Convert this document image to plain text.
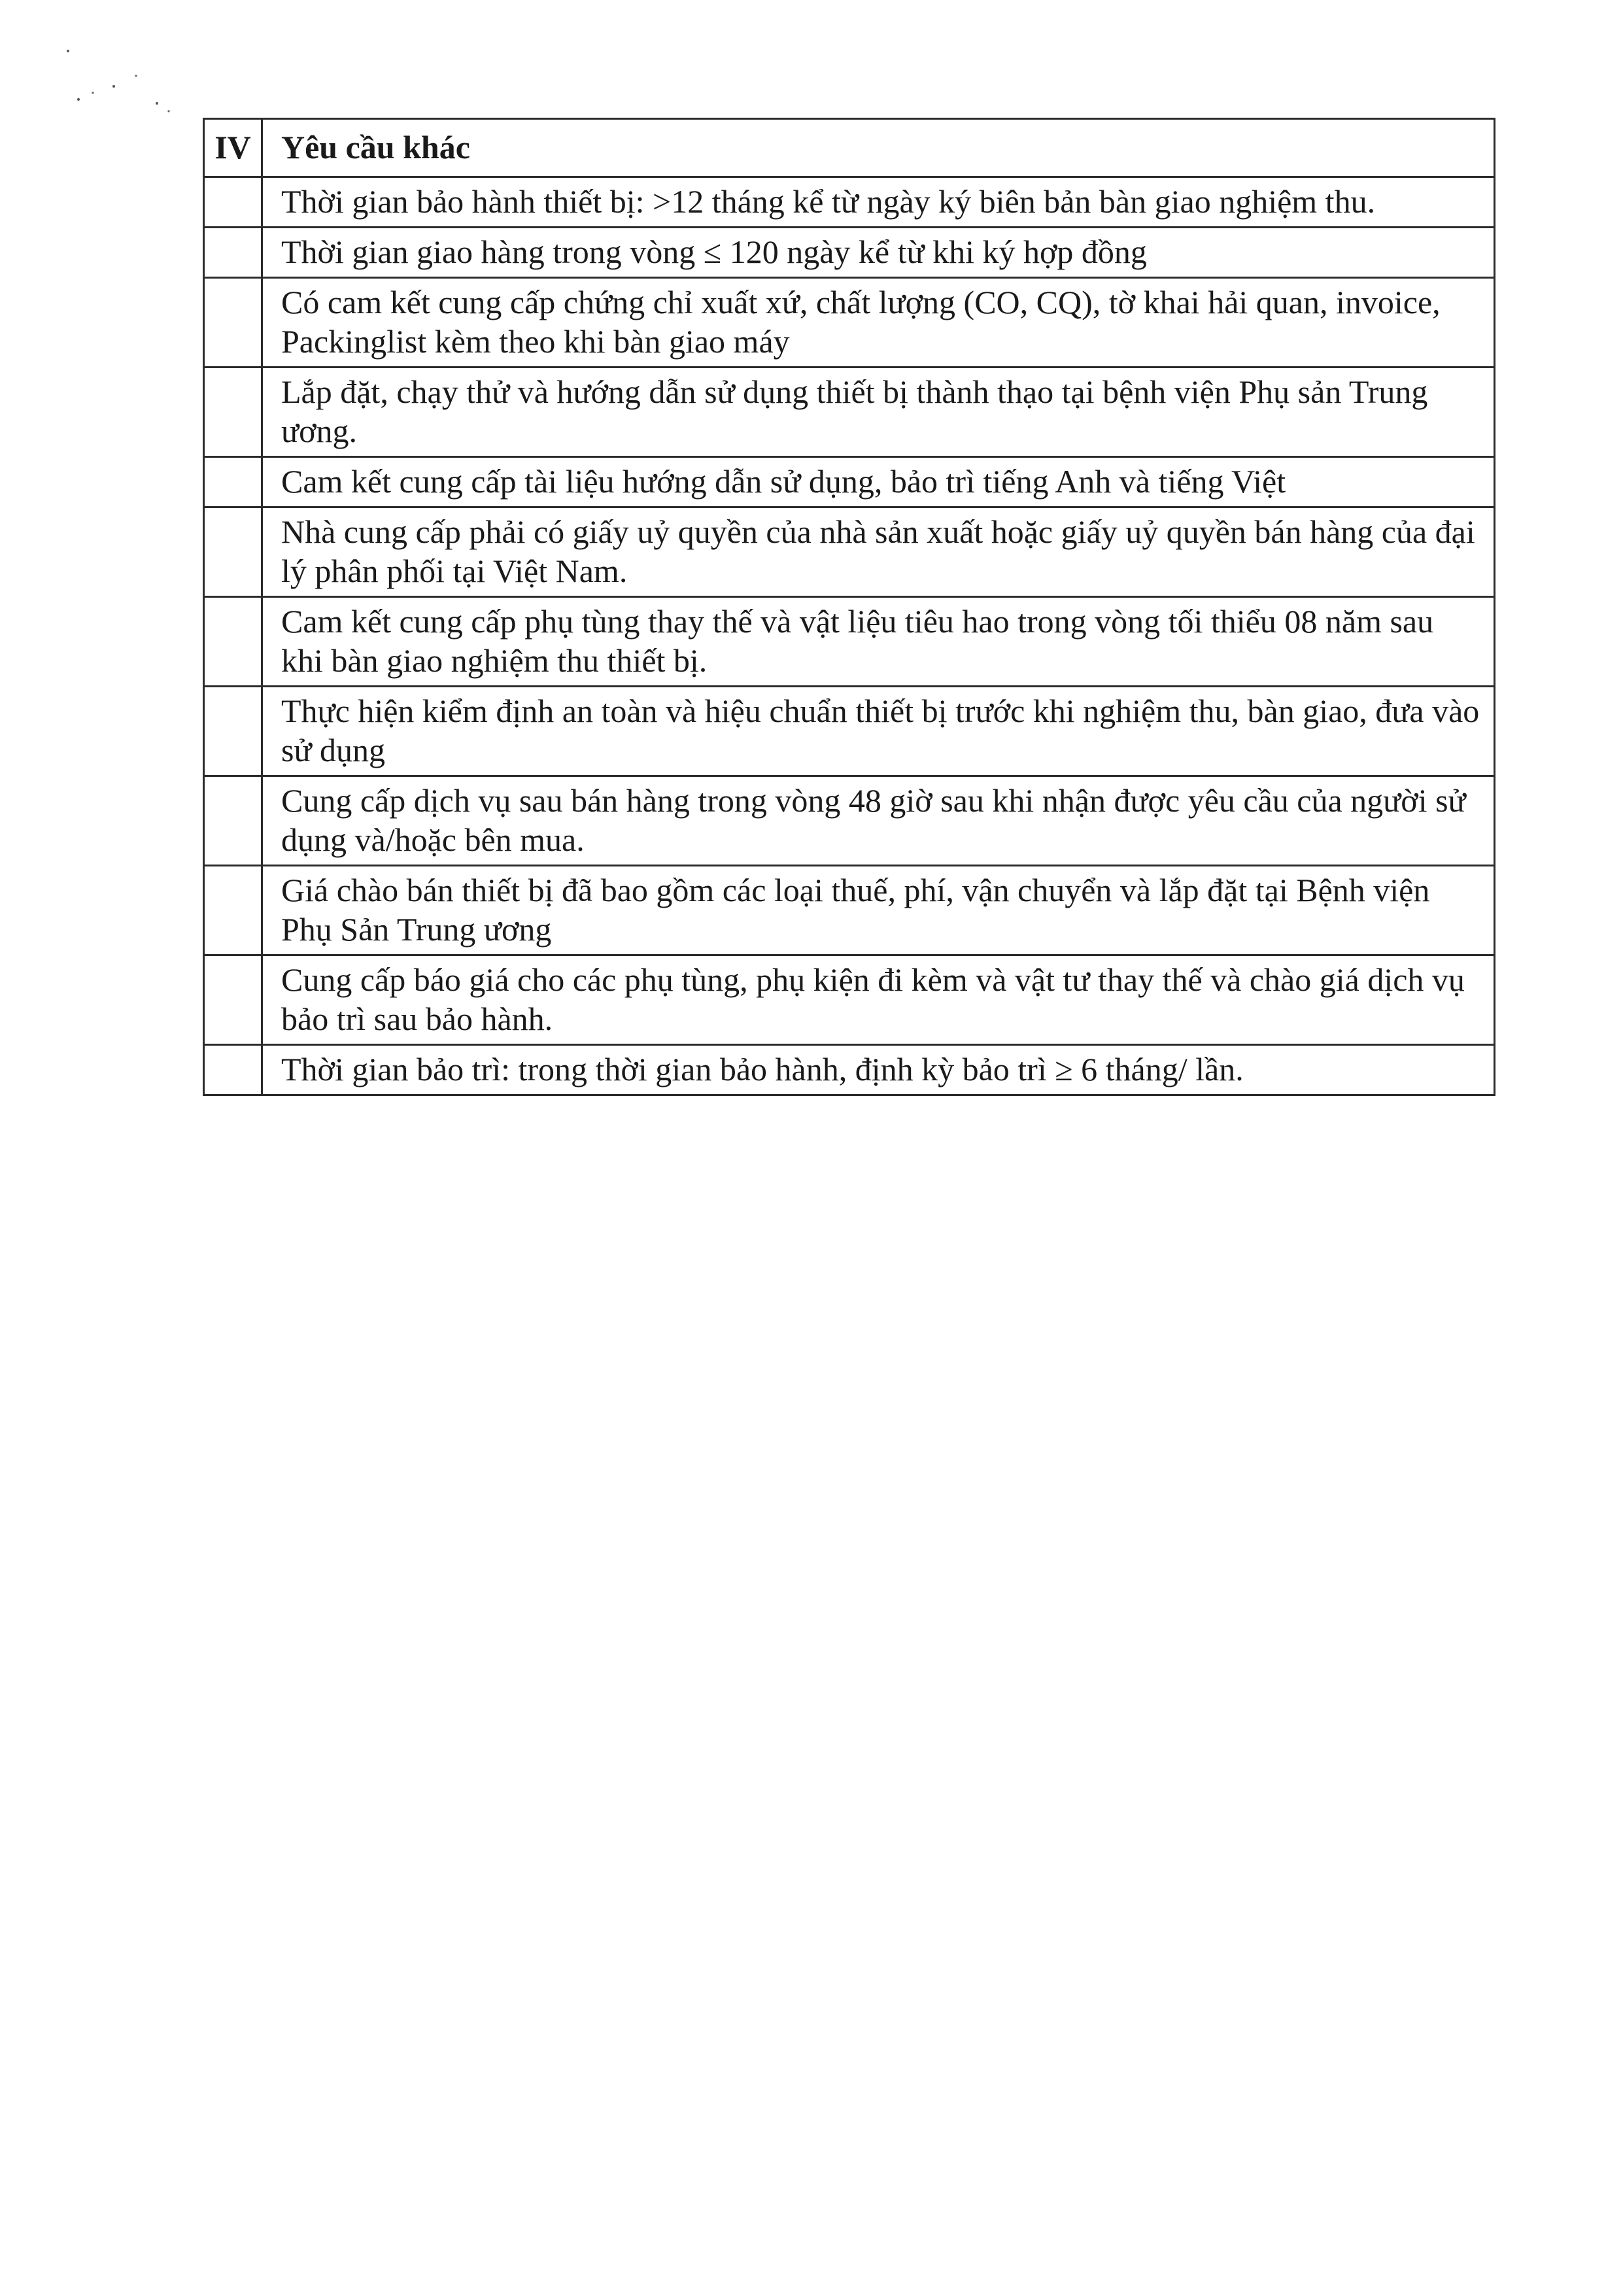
IV	Yêu cầu khác
	Thời gian bảo hành thiết bị: >12 tháng kể từ ngày ký biên bản bàn giao nghiệm thu.
	Thời gian giao hàng trong vòng ≤ 120 ngày kể từ khi ký hợp đồng
	Có cam kết cung cấp chứng chỉ xuất xứ, chất lượng (CO, CQ), tờ khai hải quan, invoice, Packinglist kèm theo khi bàn giao máy
	Lắp đặt, chạy thử và hướng dẫn sử dụng thiết bị thành thạo tại bệnh viện Phụ sản Trung ương.
	Cam kết cung cấp tài liệu hướng dẫn sử dụng, bảo trì tiếng Anh và tiếng Việt
	Nhà cung cấp phải có giấy uỷ quyền của nhà sản xuất hoặc giấy uỷ quyền bán hàng của đại lý phân phối tại Việt Nam.
	Cam kết cung cấp phụ tùng thay thế và vật liệu tiêu hao trong vòng tối thiểu 08 năm sau khi bàn giao nghiệm thu thiết bị.
	Thực hiện kiểm định an toàn và hiệu chuẩn thiết bị trước khi nghiệm thu, bàn giao, đưa vào sử dụng
	Cung cấp dịch vụ sau bán hàng trong vòng 48 giờ sau khi nhận được yêu cầu của người sử dụng và/hoặc bên mua.
	Giá chào bán thiết bị đã bao gồm các loại thuế, phí, vận chuyển và lắp đặt tại Bệnh viện Phụ Sản Trung ương
	Cung cấp báo giá cho các phụ tùng, phụ kiện đi kèm và vật tư thay thế và chào giá dịch vụ bảo trì sau bảo hành.
	Thời gian bảo trì: trong thời gian bảo hành, định kỳ bảo trì ≥ 6 tháng/ lần.
